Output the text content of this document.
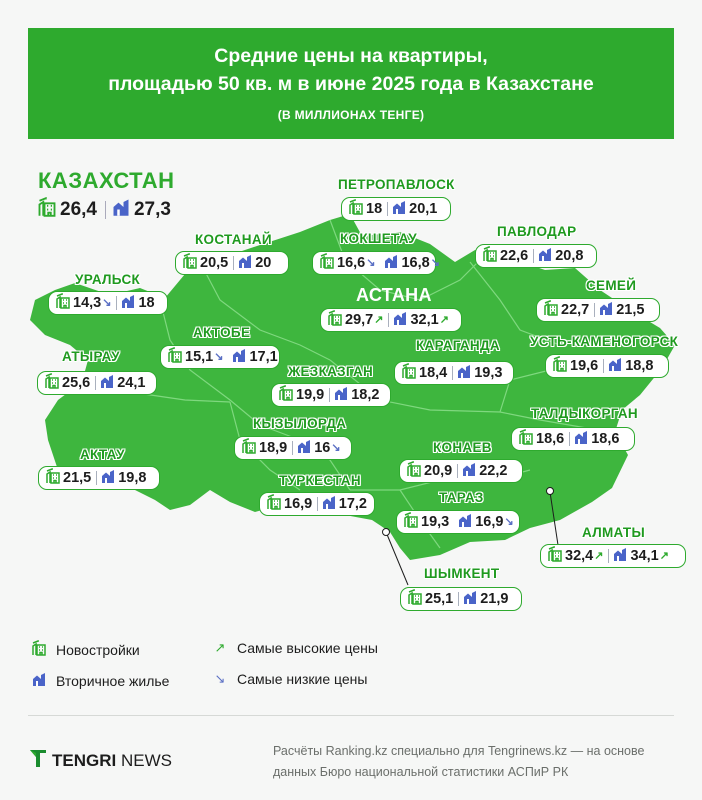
Средние цены на квартиры,
площадью 50 кв. м в июне 2025 года в Казахстане
(В МИЛЛИОНАХ ТЕНГЕ)
КАЗАХСТАН
26,4 27,3
ПЕТРОПАВЛОСК
18 20,1
КОСТАНАЙ
20,5 20
КОКШЕТАУ
16,6 ↘ 16,8 ↘
ПАВЛОДАР
22,6 20,8
УРАЛЬСК
14,3 ↘ 18	АСТАНА
29,7 ↗ 32,1 ↗
СЕМЕЙ
22,7 21,5
АКТОБЕ
15,1 ↘ 17,1
КАРАГАНДА
18,4 19,3
УСТЬ-КАМЕНОГОРСК
19,6 18,8
АТЫРАУ
25,6 24,1
ЖЕЗКАЗГАН
19,9 18,2
ТАЛДЫКОРГАН
18,6 18,6
КЫЗЫЛОРДА
18,9 16 ↘
АКТАУ
21,5 19,8
КОНАЕВ
20,9 22,2
ТУРКЕСТАН
16,9 17,2	ТАРАЗ
19,3 16,9 ↘
АЛМАТЫ
32,4 ↗ 34,1 ↗
ШЫМКЕНТ
25,1 21,9
Новостройки
Вторичное жилье
↗ Самые высокие цены
↘ Самые низкие цены
TENGRI NEWS	Расчёты Ranking.kz специально для Tengrinews.kz — на основе данных Бюро национальной статистики АСПиР РК
